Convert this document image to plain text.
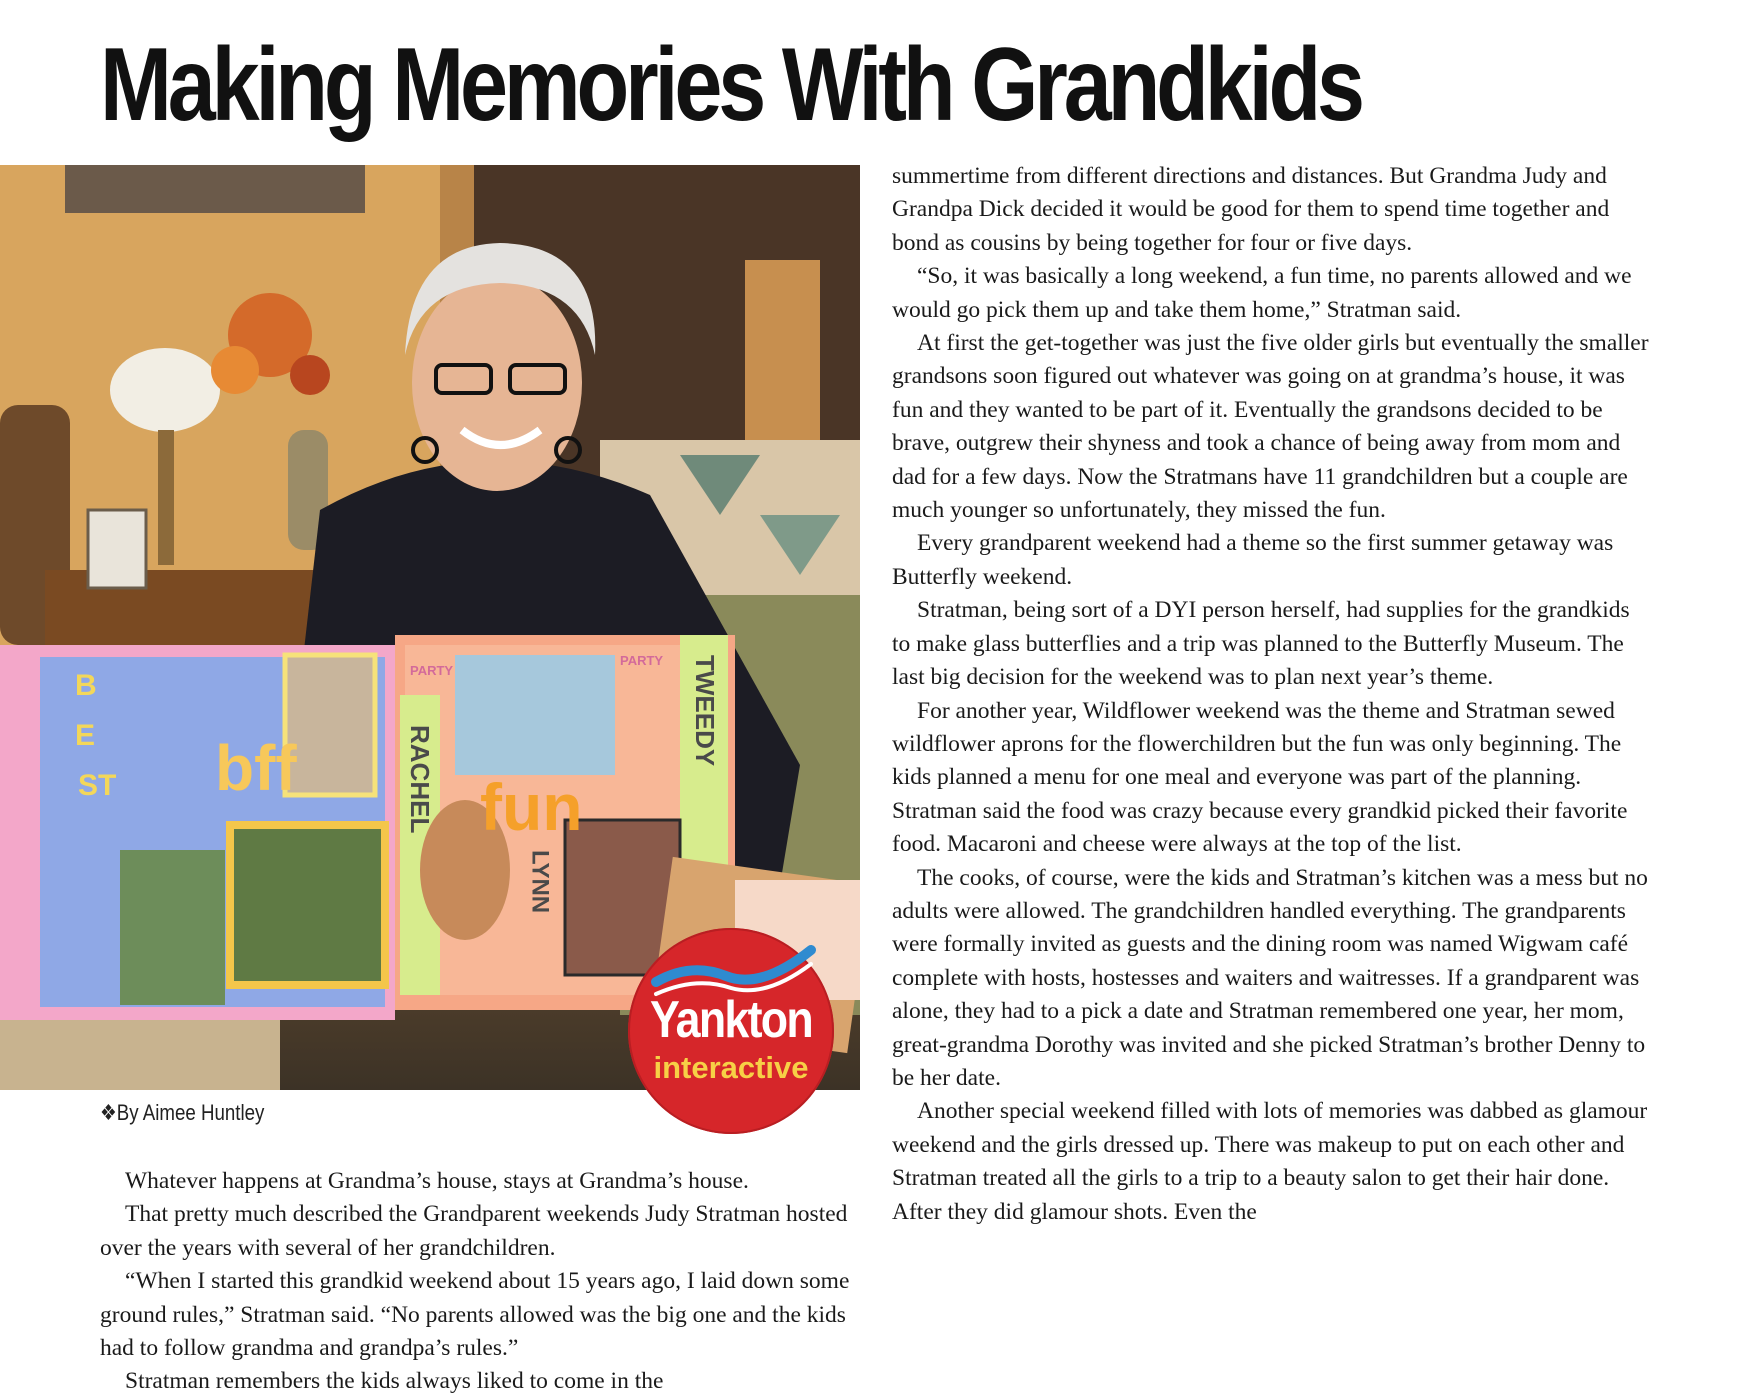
Making Memories With Grandkids
B
E
S T bff
PARTY
PARTY
RACHEL
TWEEDY
fun
LYNN
Yankton
interactive

❖By Aimee Huntley

Whatever happens at Grandma’s house, stays at Grandma’s house.

That pretty much described the Grandparent weekends Judy Stratman hosted over the years with several of her grandchildren.

“When I started this grandkid weekend about 15 years ago, I laid down some ground rules,” Stratman said. “No parents allowed was the big one and the kids had to follow grandma and grandpa’s rules.”

Stratman remembers the kids always liked to come in the

summertime from different directions and distances. But Grandma Judy and Grandpa Dick decided it would be good for them to spend time together and bond as cousins by being together for four or five days.

“So, it was basically a long weekend, a fun time, no parents allowed and we would go pick them up and take them home,” Stratman said.

At first the get-together was just the five older girls but eventually the smaller grandsons soon figured out whatever was going on at grandma’s house, it was fun and they wanted to be part of it. Eventually the grandsons decided to be brave, outgrew their shyness and took a chance of being away from mom and dad for a few days. Now the Stratmans have 11 grandchildren but a couple are much younger so unfortunately, they missed the fun.

Every grandparent weekend had a theme so the first summer getaway was Butterfly weekend.

Stratman, being sort of a DYI person herself, had supplies for the grandkids to make glass butterflies and a trip was planned to the Butterfly Museum. The last big decision for the weekend was to plan next year’s theme.

For another year, Wildflower weekend was the theme and Stratman sewed wildflower aprons for the flowerchildren but the fun was only beginning. The kids planned a menu for one meal and everyone was part of the planning. Stratman said the food was crazy because every grandkid picked their favorite food. Macaroni and cheese were always at the top of the list.

The cooks, of course, were the kids and Stratman’s kitchen was a mess but no adults were allowed. The grandchildren handled everything. The grandparents were formally invited as guests and the dining room was named Wigwam café complete with hosts, hostesses and waiters and waitresses. If a grandparent was alone, they had to a pick a date and Stratman remembered one year, her mom, great-grandma Dorothy was invited and she picked Stratman’s brother Denny to be her date.

Another special weekend filled with lots of memories was dabbed as glamour weekend and the girls dressed up. There was makeup to put on each other and Stratman treated all the girls to a trip to a beauty salon to get their hair done. After they did glamour shots. Even the
